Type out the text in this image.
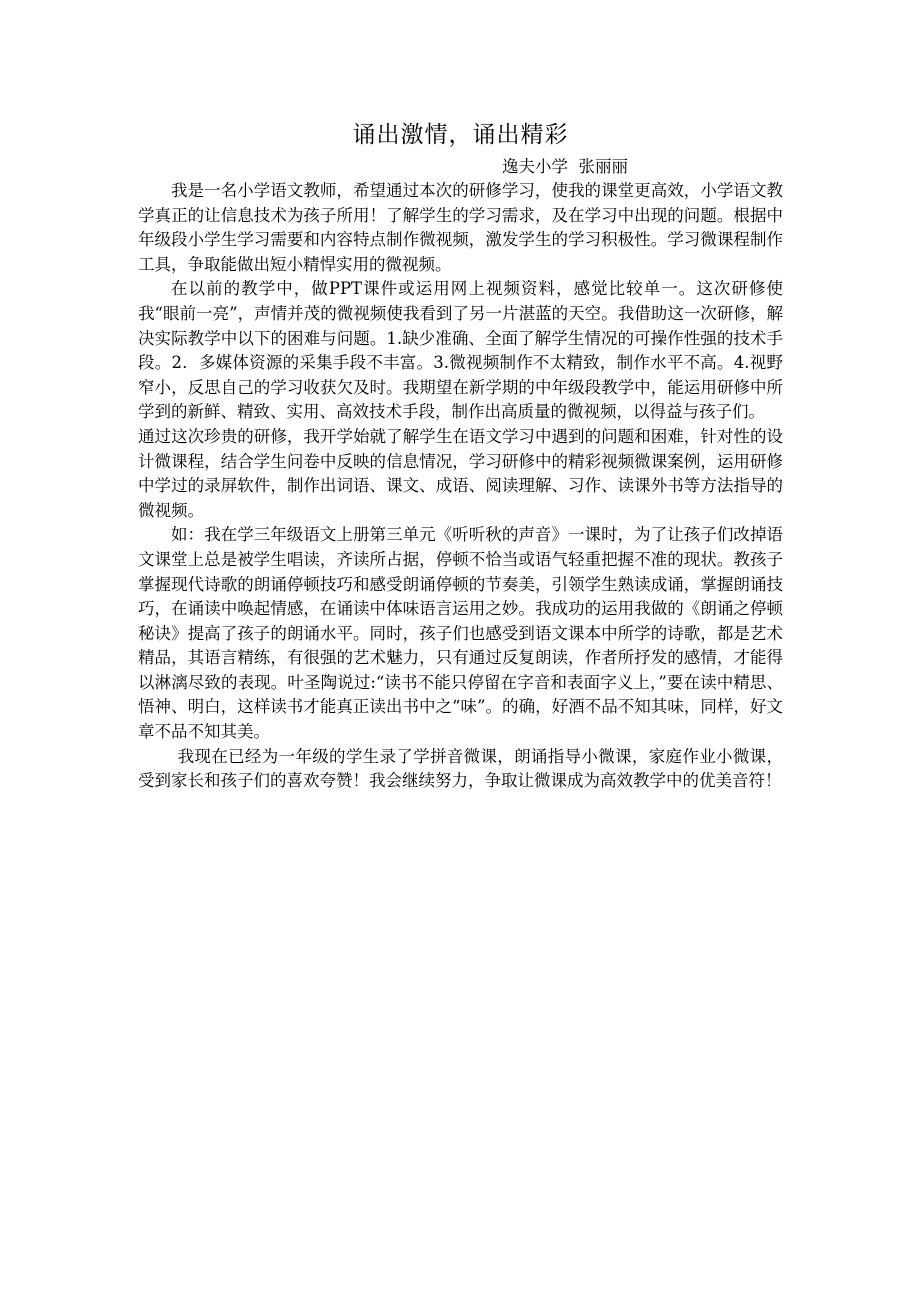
诵出激情，诵出精彩
逸夫小学  张丽丽

我是一名小学语文教师，希望通过本次的研修学习，使我的课堂更高效，小学语文教学真正的让信息技术为孩子所用！了解学生的学习需求，及在学习中出现的问题。根据中年级段小学生学习需要和内容特点制作微视频，激发学生的学习积极性。学习微课程制作工具，争取能做出短小精悍实用的微视频。

在以前的教学中，做PPT课件或运用网上视频资料，感觉比较单一。这次研修使我“眼前一亮”，声情并茂的微视频使我看到了另一片湛蓝的天空。我借助这一次研修，解决实际教学中以下的困难与问题。1.缺少准确、全面了解学生情况的可操作性强的技术手段。2．多媒体资源的采集手段不丰富。3.微视频制作不太精致，制作水平不高。4.视野窄小，反思自己的学习收获欠及时。我期望在新学期的中年级段教学中，能运用研修中所学到的新鲜、精致、实用、高效技术手段，制作出高质量的微视频，以得益与孩子们。

通过这次珍贵的研修，我开学始就了解学生在语文学习中遇到的问题和困难，针对性的设计微课程，结合学生问卷中反映的信息情况，学习研修中的精彩视频微课案例，运用研修中学过的录屏软件，制作出词语、课文、成语、阅读理解、习作、读课外书等方法指导的微视频。

如：我在学三年级语文上册第三单元《听听秋的声音》一课时，为了让孩子们改掉语文课堂上总是被学生唱读，齐读所占据，停顿不恰当或语气轻重把握不准的现状。教孩子掌握现代诗歌的朗诵停顿技巧和感受朗诵停顿的节奏美，引领学生熟读成诵，掌握朗诵技巧，在诵读中唤起情感，在诵读中体味语言运用之妙。我成功的运用我做的《朗诵之停顿秘诀》提高了孩子的朗诵水平。同时，孩子们也感受到语文课本中所学的诗歌，都是艺术精品，其语言精练，有很强的艺术魅力，只有通过反复朗读，作者所抒发的感情，才能得以淋漓尽致的表现。叶圣陶说过:“读书不能只停留在字音和表面字义上，”要在读中精思、悟神、明白，这样读书才能真正读出书中之“味”。的确，好酒不品不知其味，同样，好文章不品不知其美。

我现在已经为一年级的学生录了学拼音微课，朗诵指导小微课，家庭作业小微课，受到家长和孩子们的喜欢夸赞！我会继续努力，争取让微课成为高效教学中的优美音符！
